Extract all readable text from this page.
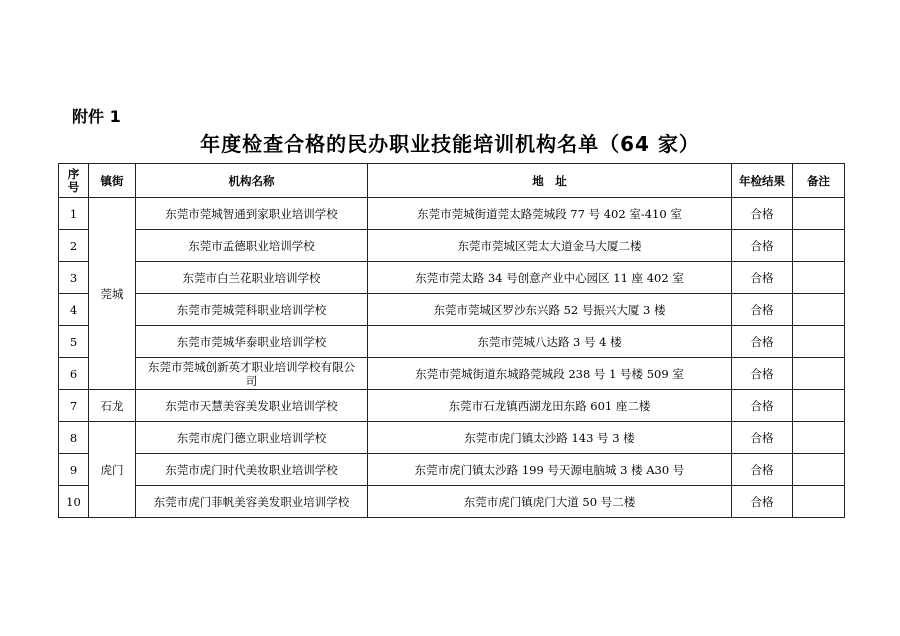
附件 1
年度检查合格的民办职业技能培训机构名单（64 家）
序号	镇街	机构名称	地　址	年检结果	备注
1	莞城	东莞市莞城智通到家职业培训学校	东莞市莞城街道莞太路莞城段 77 号 402 室-410 室	合格	
2		东莞市孟德职业培训学校	东莞市莞城区莞太大道金马大厦二楼	合格	
3		东莞市白兰花职业培训学校	东莞市莞太路 34 号创意产业中心园区 11 座 402 室	合格	
4		东莞市莞城莞科职业培训学校	东莞市莞城区罗沙东兴路 52 号振兴大厦 3 楼	合格	
5		东莞市莞城华泰职业培训学校	东莞市莞城八达路 3 号 4 楼	合格	
6		东莞市莞城创新英才职业培训学校有限公司	东莞市莞城街道东城路莞城段 238 号 1 号楼 509 室	合格	
7	石龙	东莞市天慧美容美发职业培训学校	东莞市石龙镇西湖龙田东路 601 座二楼	合格	
8	虎门	东莞市虎门德立职业培训学校	东莞市虎门镇太沙路 143 号 3 楼	合格	
9		东莞市虎门时代美妆职业培训学校	东莞市虎门镇太沙路 199 号天源电脑城 3 楼 A30 号	合格	
10		东莞市虎门菲帆美容美发职业培训学校	东莞市虎门镇虎门大道 50 号二楼	合格	
